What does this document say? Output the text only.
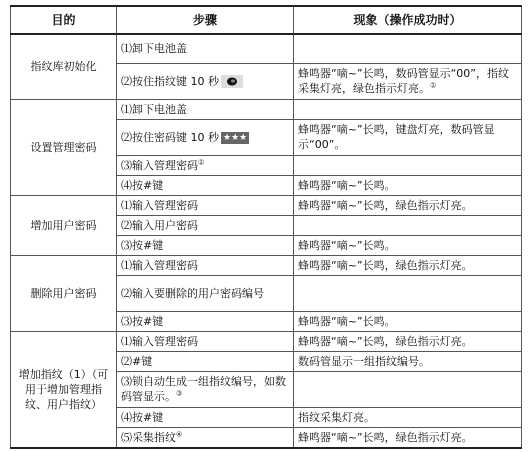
目的	步骤	现象（操作成功时）
指纹库初始化	⑴卸下电池盖	
	⑵按住指纹键 10 秒	蜂鸣器“嘀~”长鸣，数码管显示“00”，指纹采集灯亮，绿色指示灯亮。①
设置管理密码	⑴卸下电池盖	
	⑵按住密码键 10 秒 ★★★	蜂鸣器“嘀~”长鸣，键盘灯亮，数码管显示“00”。
	⑶输入管理密码②	
	⑷按#键	蜂鸣器“嘀~”长鸣。
增加用户密码	⑴输入管理密码	蜂鸣器“嘀~”长鸣，绿色指示灯亮。
	⑵输入用户密码	
	⑶按#键	蜂鸣器“嘀~”长鸣。
删除用户密码	⑴输入管理密码	蜂鸣器“嘀~”长鸣，绿色指示灯亮。
	⑵输入要删除的用户密码编号	
	⑶按#键	蜂鸣器“嘀~”长鸣。
增加指纹（1）（可用于增加管理指纹、用户指纹）	⑴输入管理密码	蜂鸣器“嘀~”长鸣，绿色指示灯亮。
	⑵#键	数码管显示一组指纹编号。
	⑶锁自动生成一组指纹编号，如数码管显示。③	
	⑷按#键	指纹采集灯亮。
	⑸采集指纹④	蜂鸣器“嘀~”长鸣，绿色指示灯亮。
